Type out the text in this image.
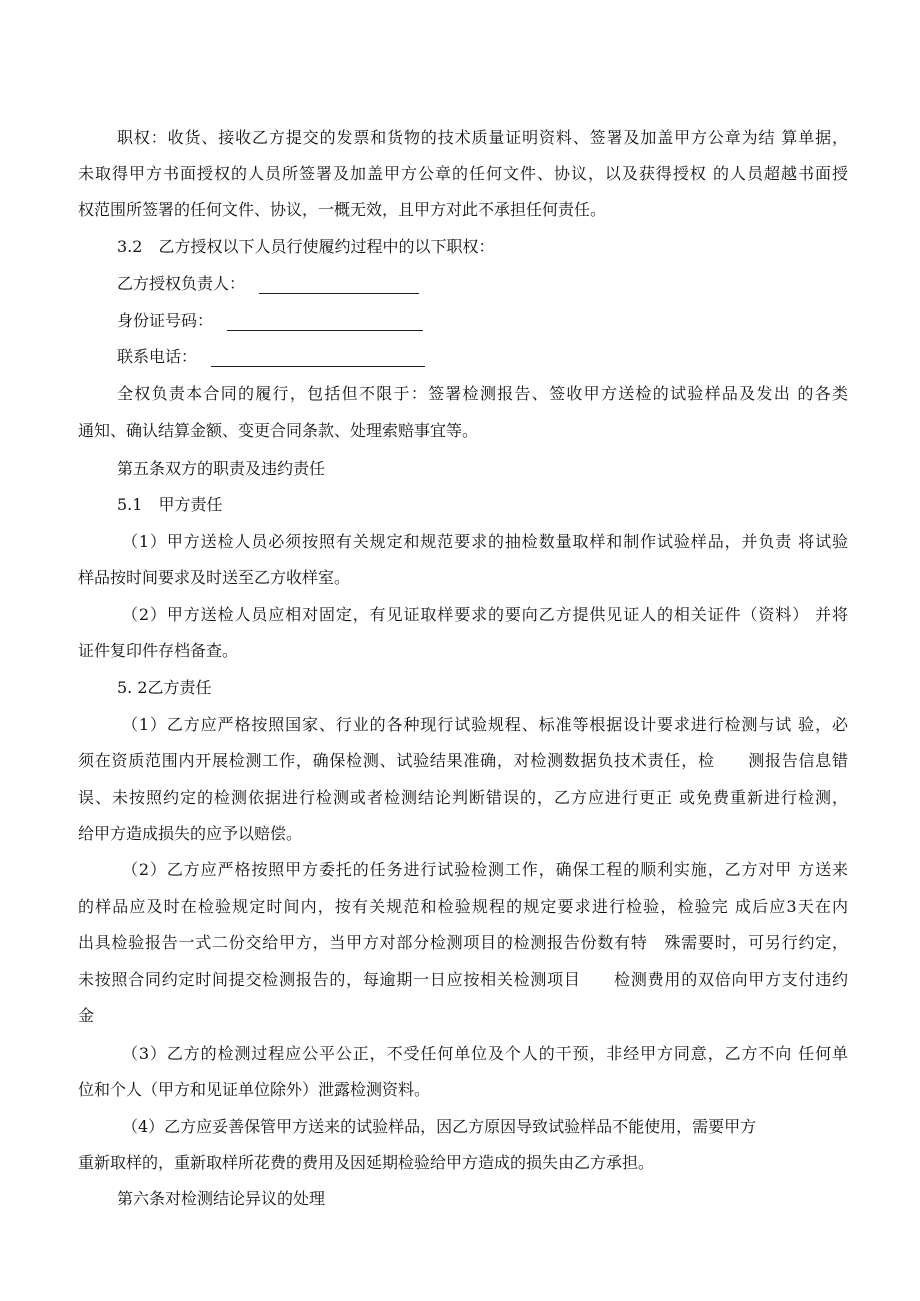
职权：收货、接收乙方提交的发票和货物的技术质量证明资料、签署及加盖甲方公章为结 算单据，
未取得甲方书面授权的人员所签署及加盖甲方公章的任何文件、协议，以及获得授权 的人员超越书面授
权范围所签署的任何文件、协议，一概无效，且甲方对此不承担任何责任。
3.2　乙方授权以下人员行使履约过程中的以下职权：
乙方授权负责人：
身份证号码：
联系电话：
全权负责本合同的履行，包括但不限于：签署检测报告、签收甲方送检的试验样品及发出 的各类
通知、确认结算金额、变更合同条款、处理索赔事宜等。
第五条双方的职责及违约责任
5.1　甲方责任
（1）甲方送检人员必须按照有关规定和规范要求的抽检数量取样和制作试验样品，并负责 将试验
样品按时间要求及时送至乙方收样室。
（2）甲方送检人员应相对固定，有见证取样要求的要向乙方提供见证人的相关证件（资料） 并将
证件复印件存档备查。
5. 2乙方责任
（1）乙方应严格按照国家、行业的各种现行试验规程、标准等根据设计要求进行检测与试 验，必
须在资质范围内开展检测工作，确保检测、试验结果准确，对检测数据负技术责任，检　　测报告信息错
误、未按照约定的检测依据进行检测或者检测结论判断错误的，乙方应进行更正 或免费重新进行检测，
给甲方造成损失的应予以赔偿。
（2）乙方应严格按照甲方委托的任务进行试验检测工作，确保工程的顺利实施，乙方对甲 方送来
的样品应及时在检验规定时间内，按有关规范和检验规程的规定要求进行检验，检验完 成后应3天在内
出具检验报告一式二份交给甲方，当甲方对部分检测项目的检测报告份数有特　殊需要时，可另行约定，
未按照合同约定时间提交检测报告的，每逾期一日应按相关检测项目　　检测费用的双倍向甲方支付违约
金
（3）乙方的检测过程应公平公正，不受任何单位及个人的干预，非经甲方同意，乙方不向 任何单
位和个人（甲方和见证单位除外）泄露检测资料。
（4）乙方应妥善保管甲方送来的试验样品，因乙方原因导致试验样品不能使用，需要甲方
重新取样的，重新取样所花费的费用及因延期检验给甲方造成的损失由乙方承担。
第六条对检测结论异议的处理
